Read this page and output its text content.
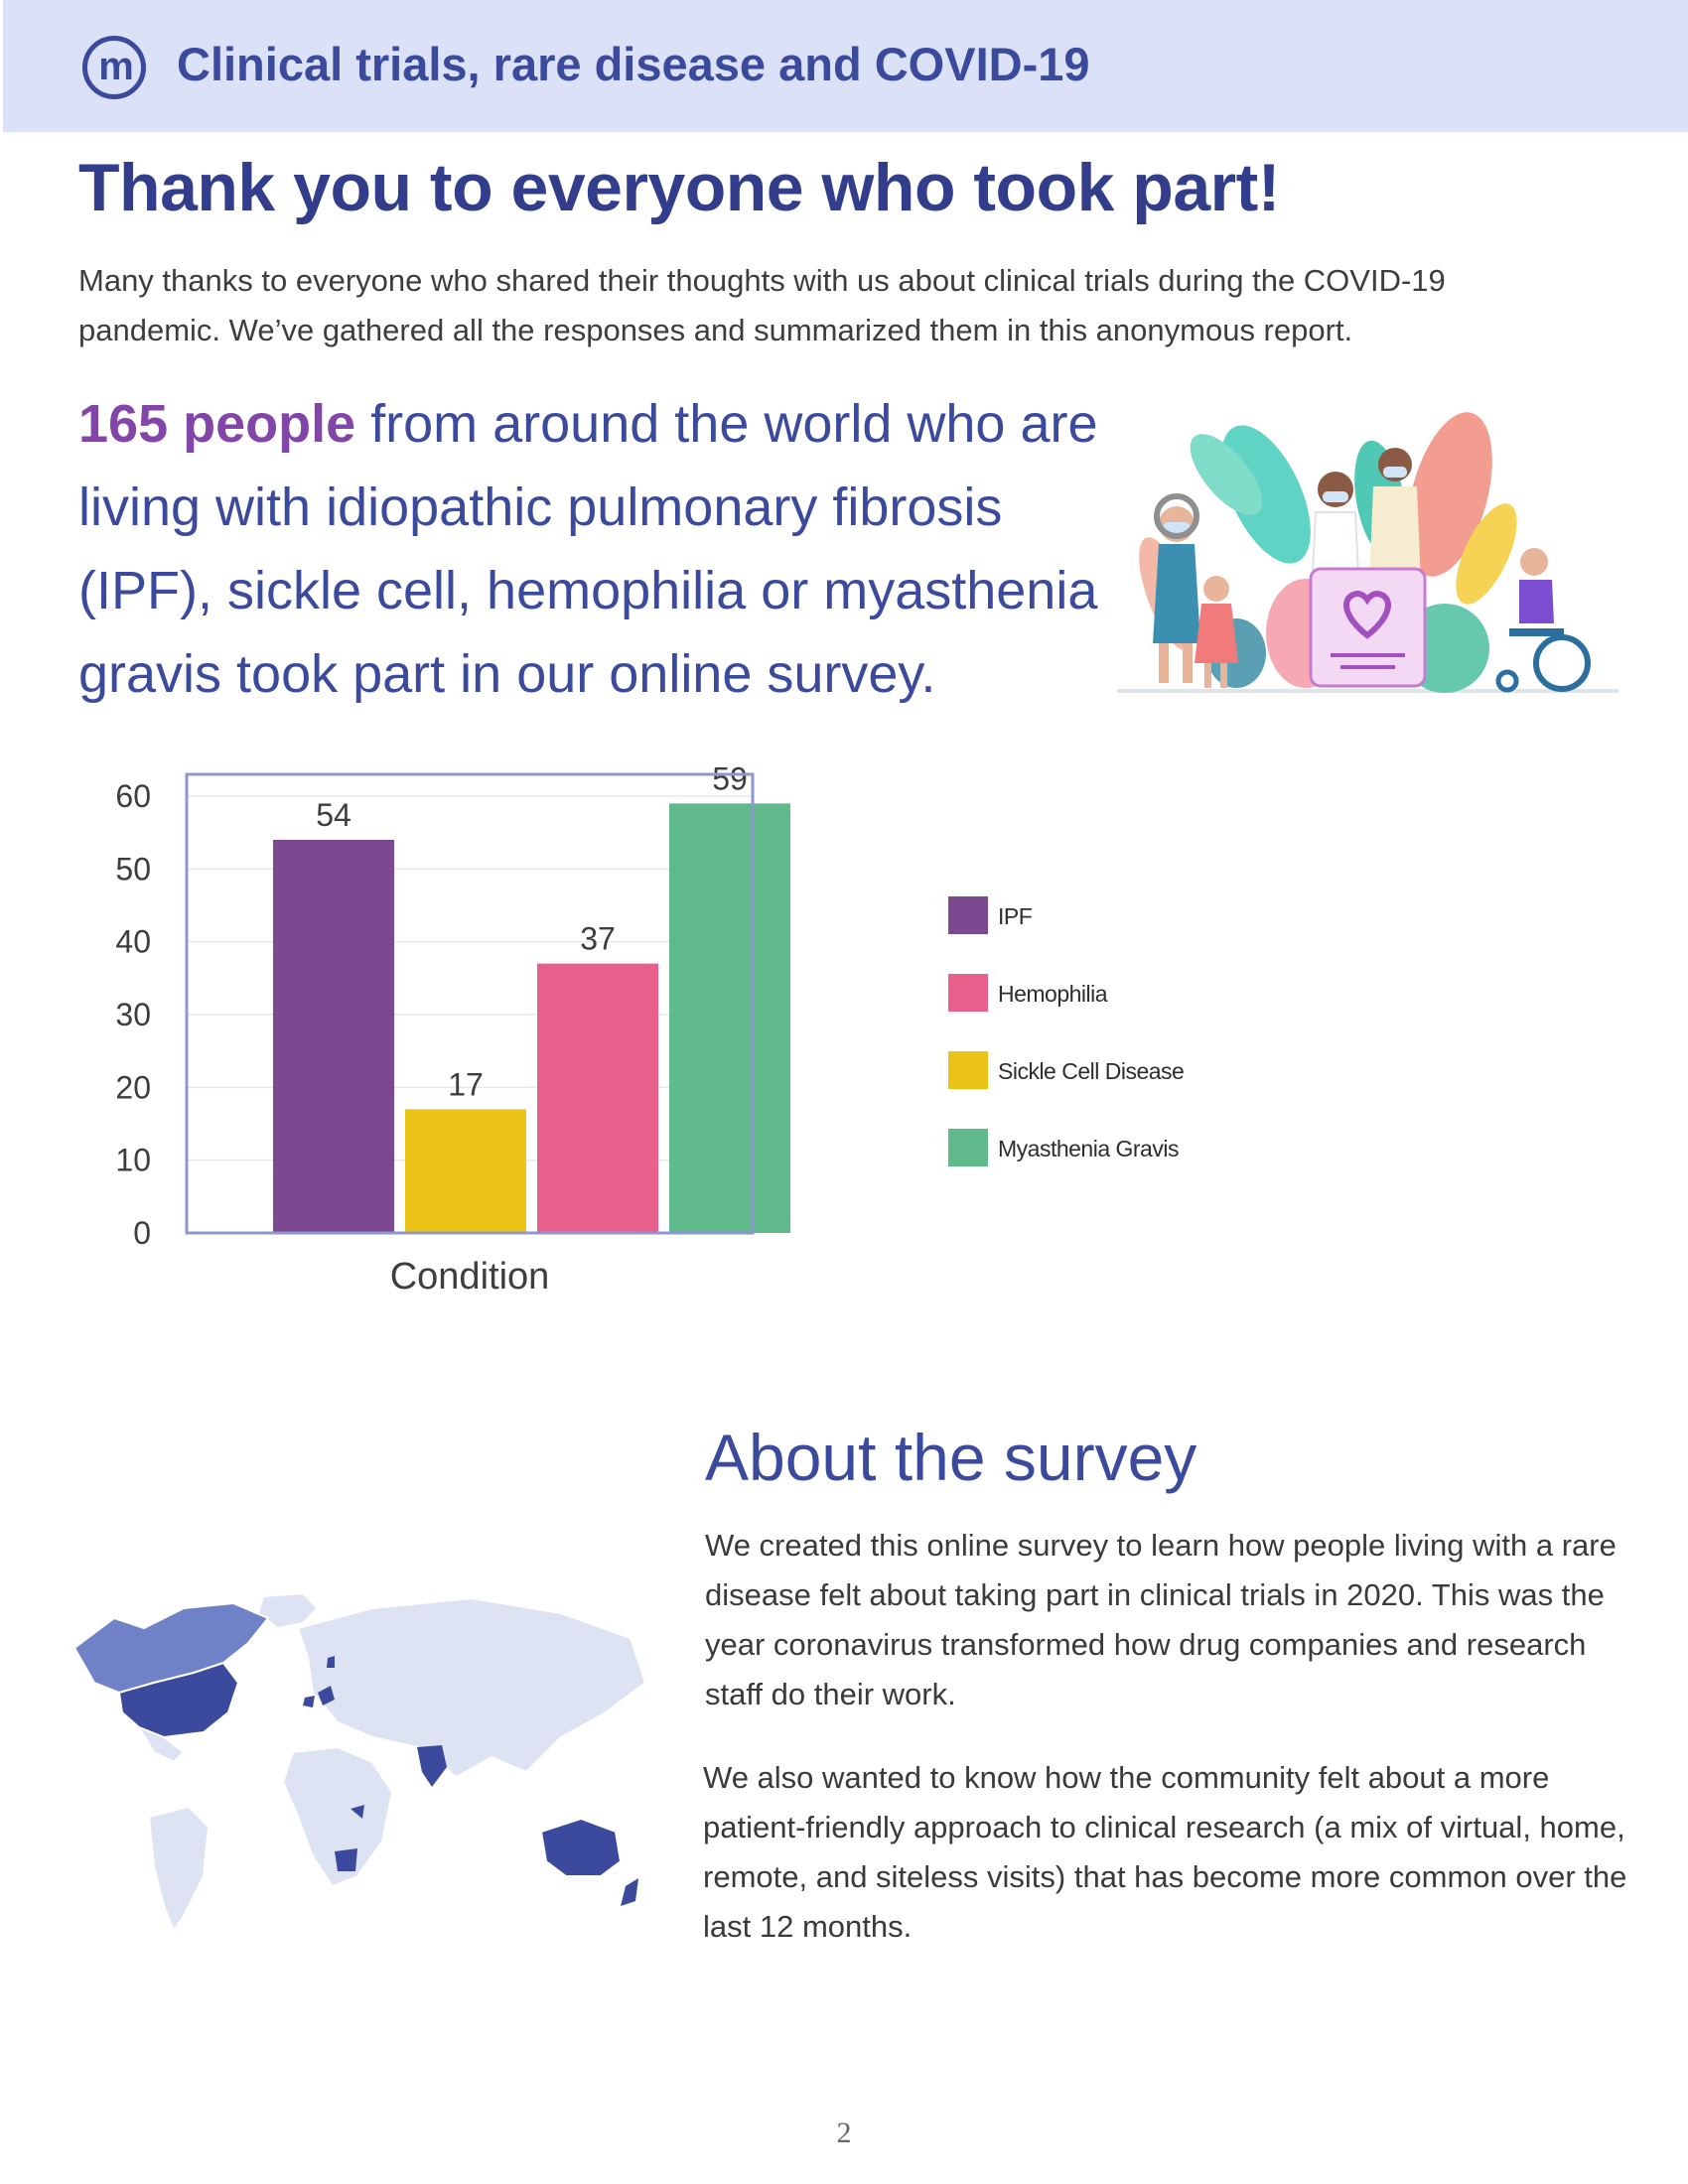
m Clinical trials, rare disease and COVID-19
Thank you to everyone who took part!
Many thanks to everyone who shared their thoughts with us about clinical trials during the COVID-19 pandemic. We’ve gathered all the responses and summarized them in this anonymous report.
165 people from around the world who are living with idiopathic pulmonary fibrosis (IPF), sickle cell, hemophilia or myasthenia gravis took part in our online survey.
0
10
20
30
40
50
60
54
17
37
59
Condition
IPF
Hemophilia
Sickle Cell Disease
Myasthenia Gravis
About the survey
We created this online survey to learn how people living with a rare disease felt about taking part in clinical trials in 2020. This was the year coronavirus transformed how drug companies and research staff do their work.
We also wanted to know how the community felt about a more patient-friendly approach to clinical research (a mix of virtual, home, remote, and siteless visits) that has become more common over the last 12 months.
2
